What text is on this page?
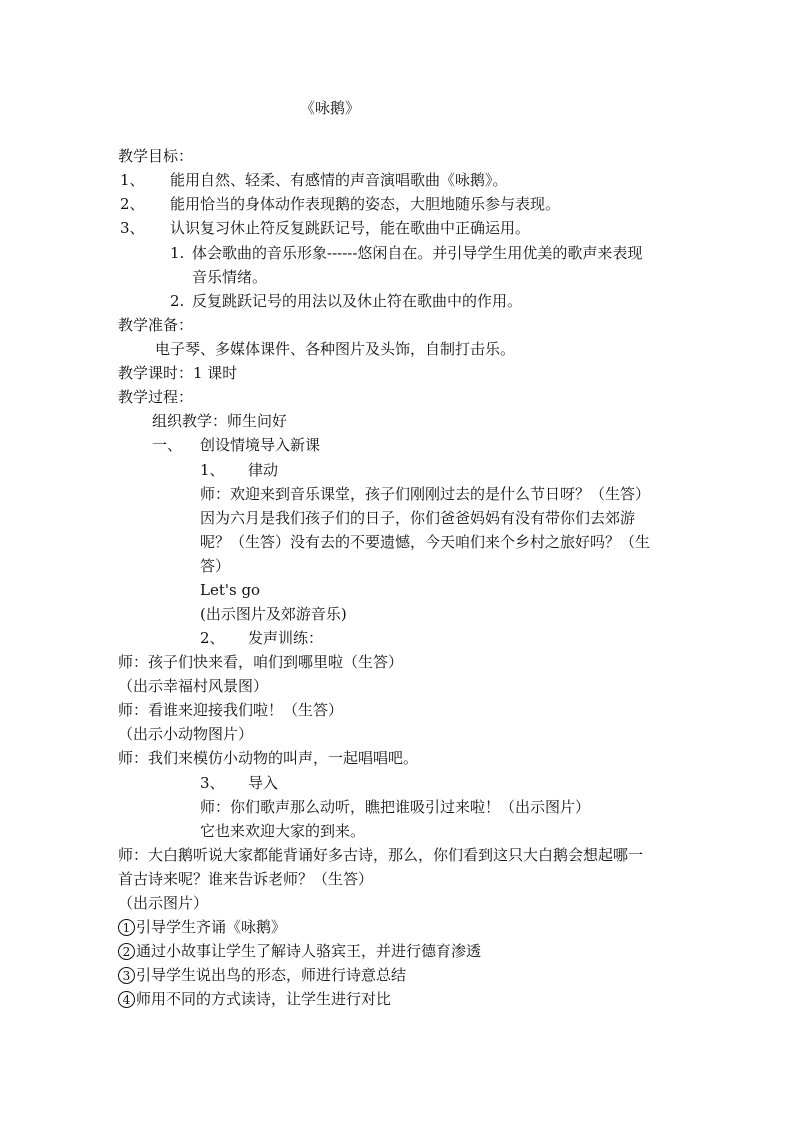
《咏鹅》
教学目标：
1、 能用自然、轻柔、有感情的声音演唱歌曲《咏鹅》。
2、 能用恰当的身体动作表现鹅的姿态，大胆地随乐参与表现。
3、 认识复习休止符反复跳跃记号，能在歌曲中正确运用。
1. 体会歌曲的音乐形象------悠闲自在。并引导学生用优美的歌声来表现
音乐情绪。
2. 反复跳跃记号的用法以及休止符在歌曲中的作用。
教学准备：
电子琴、多媒体课件、各种图片及头饰，自制打击乐。
教学课时：1 课时
教学过程：
组织教学：师生问好
一、 创设情境导入新课
1、 律动
师：欢迎来到音乐课堂，孩子们刚刚过去的是什么节日呀？（生答）
因为六月是我们孩子们的日子，你们爸爸妈妈有没有带你们去郊游
呢？（生答）没有去的不要遗憾，今天咱们来个乡村之旅好吗？（生
答）
Let's go
(出示图片及郊游音乐)
2、 发声训练：
师：孩子们快来看，咱们到哪里啦（生答）
（出示幸福村风景图）
师：看谁来迎接我们啦！（生答）
（出示小动物图片）
师：我们来模仿小动物的叫声，一起唱唱吧。
3、 导入
师：你们歌声那么动听，瞧把谁吸引过来啦！（出示图片）
它也来欢迎大家的到来。
师：大白鹅听说大家都能背诵好多古诗，那么，你们看到这只大白鹅会想起哪一
首古诗来呢？谁来告诉老师？（生答）
（出示图片）
1 引导学生齐诵《咏鹅》
2 通过小故事让学生了解诗人骆宾王，并进行德育渗透
3 引导学生说出鸟的形态，师进行诗意总结
4 师用不同的方式读诗，让学生进行对比
